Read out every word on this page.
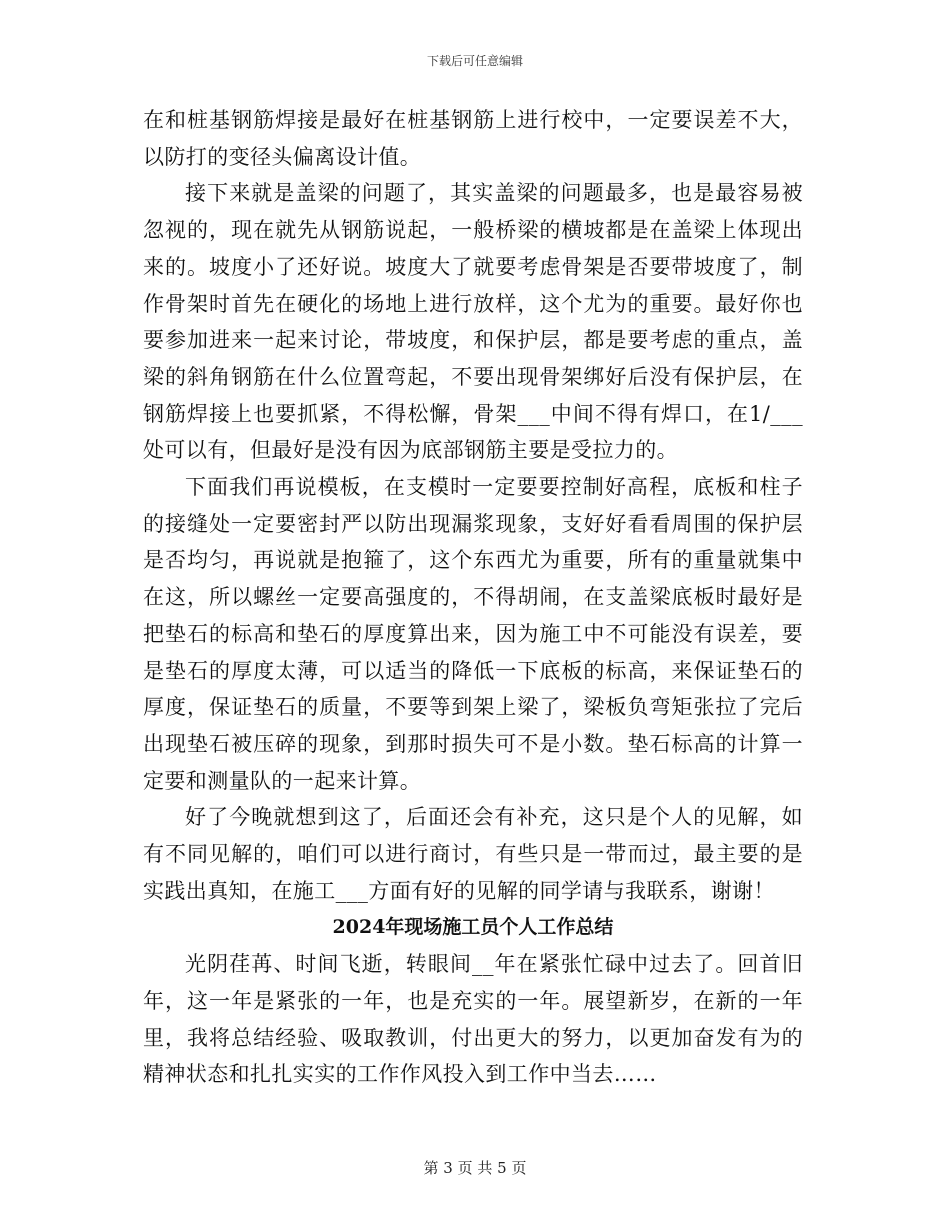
下载后可任意编辑

在和桩基钢筋焊接是最好在桩基钢筋上进行校中，一定要误差不大，以防打的变径头偏离设计值。

接下来就是盖梁的问题了，其实盖梁的问题最多，也是最容易被忽视的，现在就先从钢筋说起，一般桥梁的横坡都是在盖梁上体现出来的。坡度小了还好说。坡度大了就要考虑骨架是否要带坡度了，制作骨架时首先在硬化的场地上进行放样，这个尤为的重要。最好你也要参加进来一起来讨论，带坡度，和保护层，都是要考虑的重点，盖梁的斜角钢筋在什么位置弯起，不要出现骨架绑好后没有保护层，在钢筋焊接上也要抓紧，不得松懈，骨架___中间不得有焊口，在1/___处可以有，但最好是没有因为底部钢筋主要是受拉力的。

下面我们再说模板，在支模时一定要要控制好高程，底板和柱子的接缝处一定要密封严以防出现漏浆现象，支好好看看周围的保护层是否均匀，再说就是抱箍了，这个东西尤为重要，所有的重量就集中在这，所以螺丝一定要高强度的，不得胡闹，在支盖梁底板时最好是把垫石的标高和垫石的厚度算出来，因为施工中不可能没有误差，要是垫石的厚度太薄，可以适当的降低一下底板的标高，来保证垫石的厚度，保证垫石的质量，不要等到架上梁了，梁板负弯矩张拉了完后出现垫石被压碎的现象，到那时损失可不是小数。垫石标高的计算一定要和测量队的一起来计算。

好了今晚就想到这了，后面还会有补充，这只是个人的见解，如有不同见解的，咱们可以进行商讨，有些只是一带而过，最主要的是实践出真知，在施工___方面有好的见解的同学请与我联系，谢谢！

2024年现场施工员个人工作总结

光阴荏苒、时间飞逝，转眼间__年在紧张忙碌中过去了。回首旧年，这一年是紧张的一年，也是充实的一年。展望新岁，在新的一年里，我将总结经验、吸取教训，付出更大的努力，以更加奋发有为的精神状态和扎扎实实的工作作风投入到工作中当去……

第 3 页 共 5 页
